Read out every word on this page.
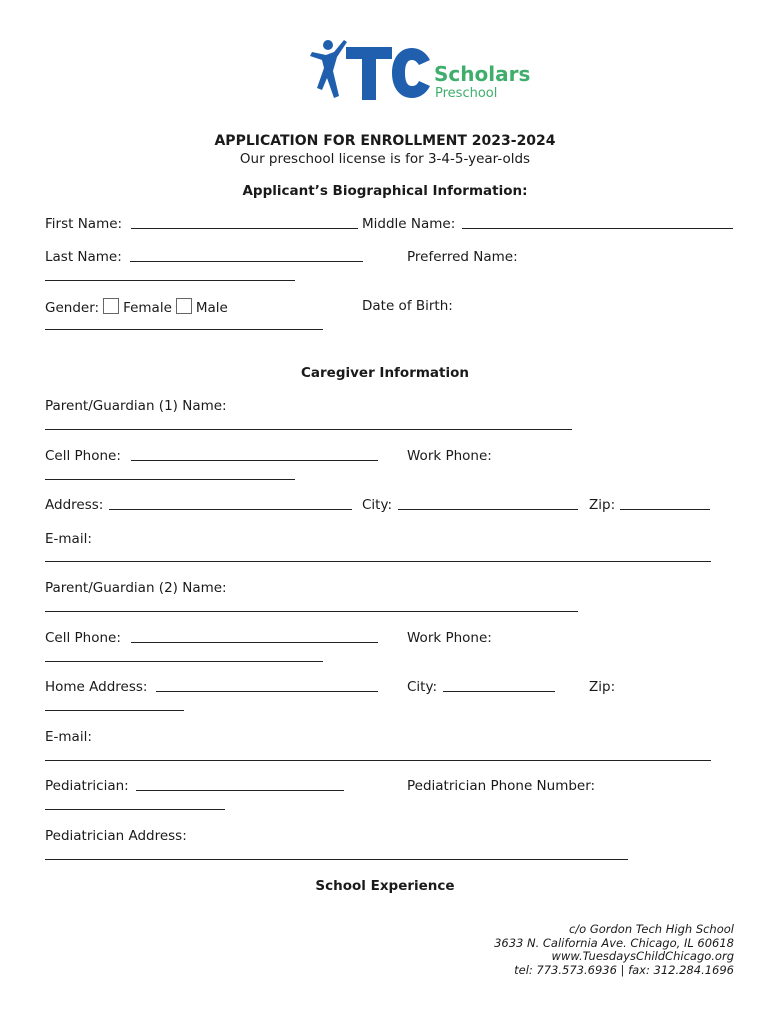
Scholars
Preschool
APPLICATION FOR ENROLLMENT 2023-2024
Our preschool license is for 3-4-5-year-olds
Applicant’s Biographical Information:
First Name:	Middle Name:
Last Name:	Preferred Name:
Gender: Female Male	Date of Birth:
Caregiver Information
Parent/Guardian (1) Name:
Cell Phone:	Work Phone:
Address:	City:	Zip:
E-mail:
Parent/Guardian (2) Name:
Cell Phone:	Work Phone:
Home Address:	City:	Zip:
E-mail:
Pediatrician:	Pediatrician Phone Number:
Pediatrician Address:
School Experience
c/o Gordon Tech High School
3633 N. California Ave. Chicago, IL 60618
www.TuesdaysChildChicago.org
tel: 773.573.6936 | fax: 312.284.1696
